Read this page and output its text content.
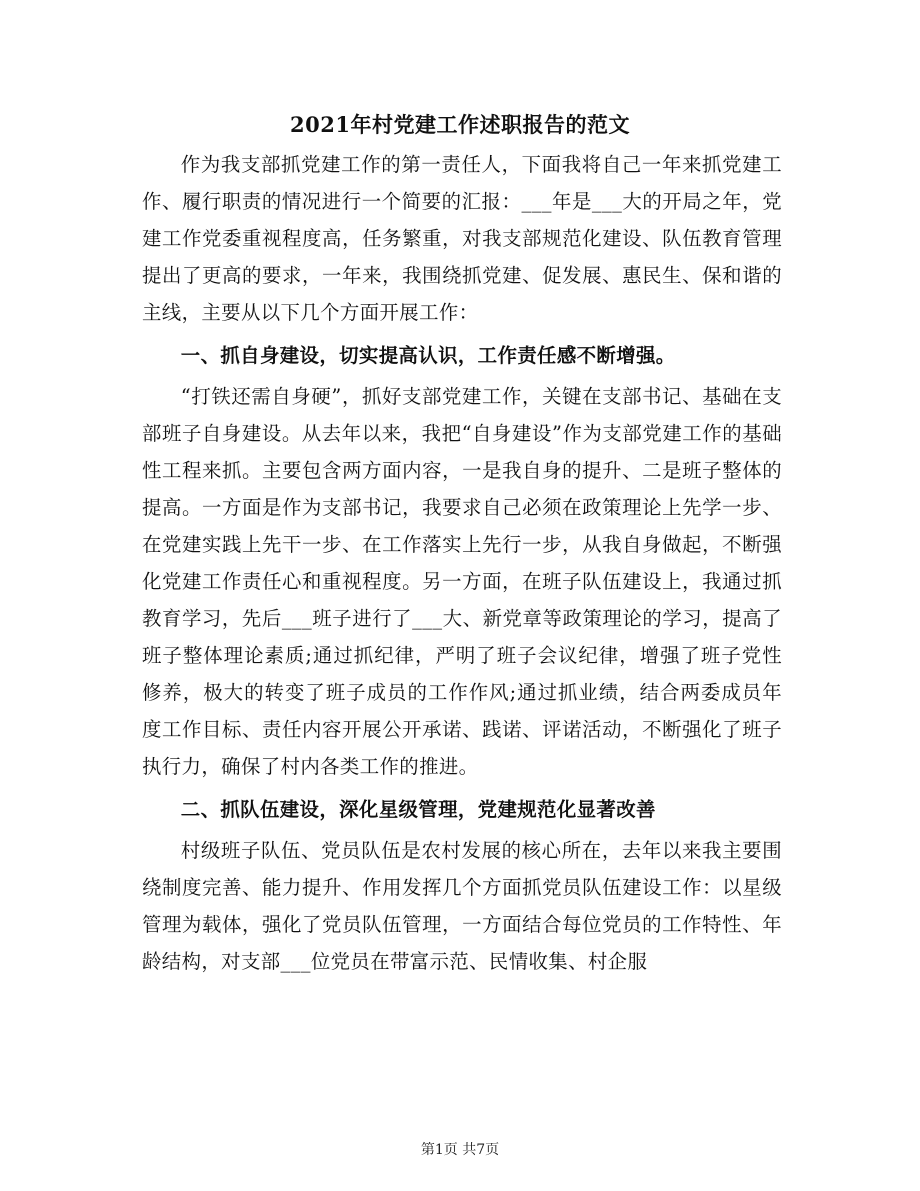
2021年村党建工作述职报告的范文

作为我支部抓党建工作的第一责任人，下面我将自己一年来抓党建工作、履行职责的情况进行一个简要的汇报：___年是___大的开局之年，党建工作党委重视程度高，任务繁重，对我支部规范化建设、队伍教育管理提出了更高的要求，一年来，我围绕抓党建、促发展、惠民生、保和谐的主线，主要从以下几个方面开展工作：

一、抓自身建设，切实提高认识，工作责任感不断增强。

“打铁还需自身硬”，抓好支部党建工作，关键在支部书记、基础在支部班子自身建设。从去年以来，我把“自身建设”作为支部党建工作的基础性工程来抓。主要包含两方面内容，一是我自身的提升、二是班子整体的提高。一方面是作为支部书记，我要求自己必须在政策理论上先学一步、在党建实践上先干一步、在工作落实上先行一步，从我自身做起，不断强化党建工作责任心和重视程度。另一方面，在班子队伍建设上，我通过抓教育学习，先后___班子进行了___大、新党章等政策理论的学习，提高了班子整体理论素质;通过抓纪律，严明了班子会议纪律，增强了班子党性修养，极大的转变了班子成员的工作作风;通过抓业绩，结合两委成员年度工作目标、责任内容开展公开承诺、践诺、评诺活动，不断强化了班子执行力，确保了村内各类工作的推进。

二、抓队伍建设，深化星级管理，党建规范化显著改善

村级班子队伍、党员队伍是农村发展的核心所在，去年以来我主要围绕制度完善、能力提升、作用发挥几个方面抓党员队伍建设工作：以星级管理为载体，强化了党员队伍管理，一方面结合每位党员的工作特性、年龄结构，对支部___位党员在带富示范、民情收集、村企服

第1页 共7页
